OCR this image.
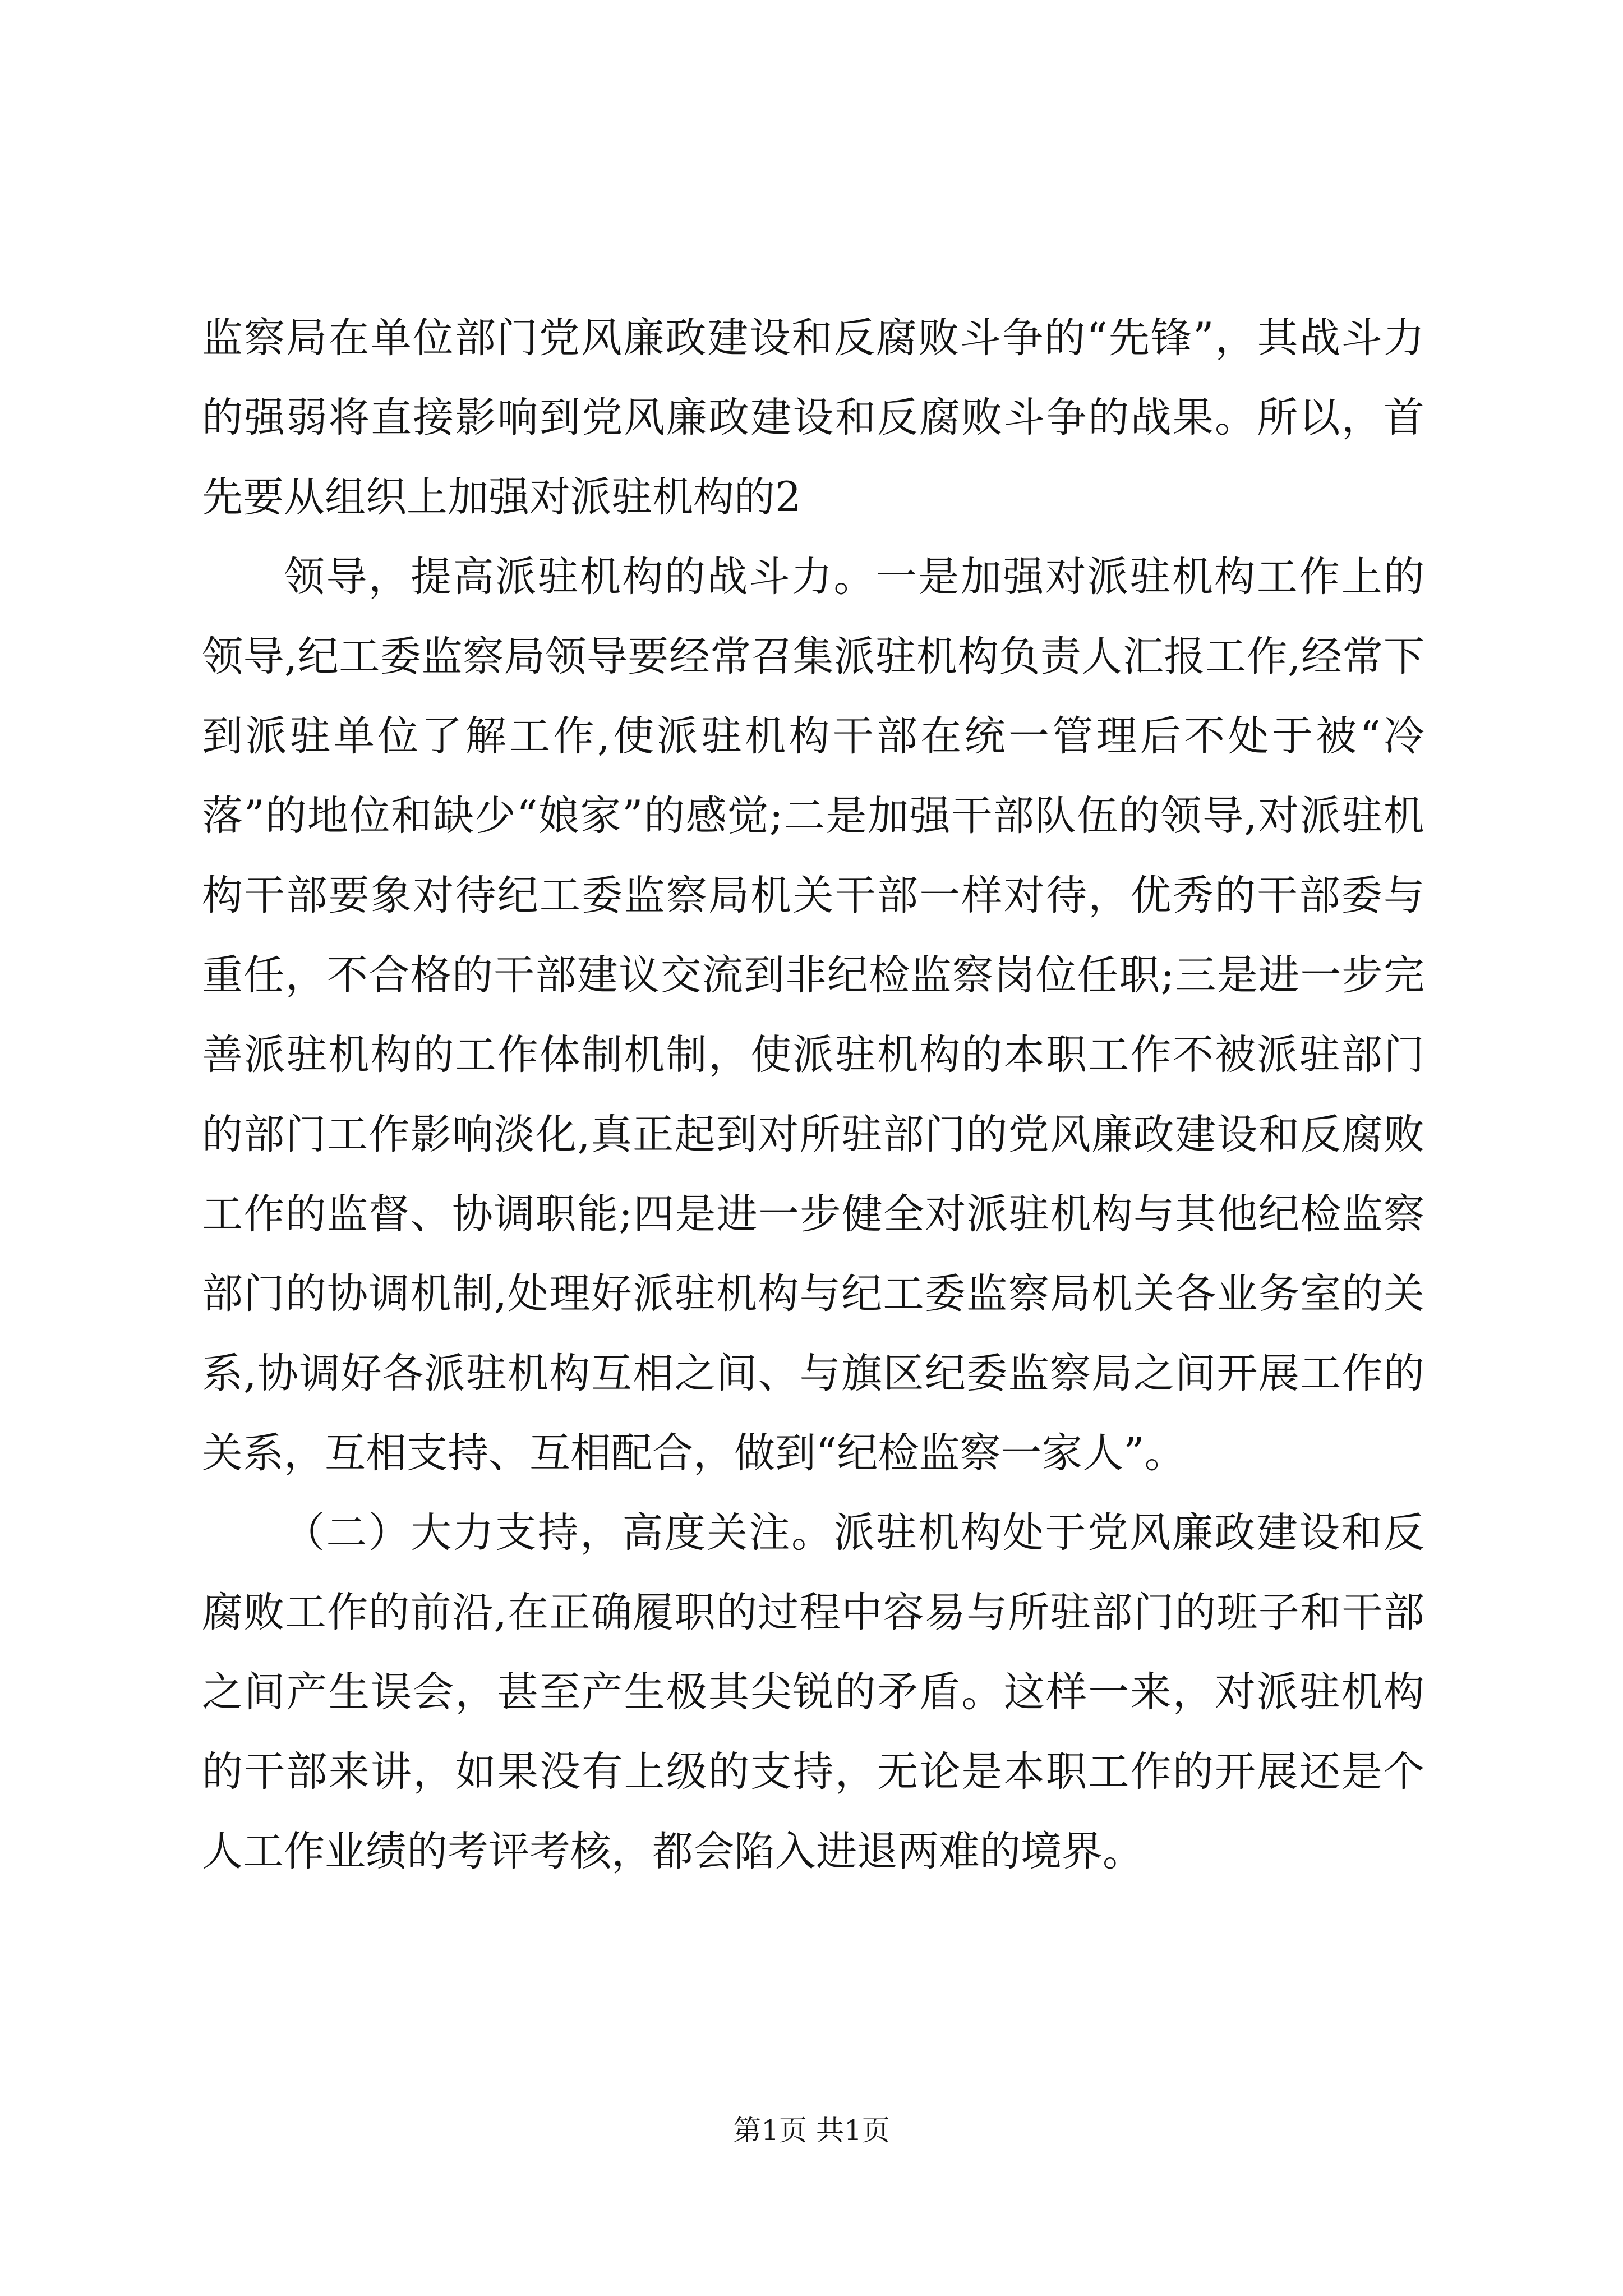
监察局在单位部门党风廉政建设和反腐败斗争的“先锋”，其战斗力的强弱将直接影响到党风廉政建设和反腐败斗争的战果。所以，首先要从组织上加强对派驻机构的2

领导，提高派驻机构的战斗力。一是加强对派驻机构工作上的领导,纪工委监察局领导要经常召集派驻机构负责人汇报工作,经常下到派驻单位了解工作,使派驻机构干部在统一管理后不处于被“冷落”的地位和缺少“娘家”的感觉;二是加强干部队伍的领导,对派驻机构干部要象对待纪工委监察局机关干部一样对待，优秀的干部委与重任，不合格的干部建议交流到非纪检监察岗位任职;三是进一步完善派驻机构的工作体制机制，使派驻机构的本职工作不被派驻部门的部门工作影响淡化,真正起到对所驻部门的党风廉政建设和反腐败工作的监督、协调职能;四是进一步健全对派驻机构与其他纪检监察部门的协调机制,处理好派驻机构与纪工委监察局机关各业务室的关系,协调好各派驻机构互相之间、与旗区纪委监察局之间开展工作的关系，互相支持、互相配合，做到“纪检监察一家人”。

（二）大力支持，高度关注。派驻机构处于党风廉政建设和反腐败工作的前沿,在正确履职的过程中容易与所驻部门的班子和干部之间产生误会，甚至产生极其尖锐的矛盾。这样一来，对派驻机构的干部来讲，如果没有上级的支持，无论是本职工作的开展还是个人工作业绩的考评考核，都会陷入进退两难的境界。

第1页 共1页
